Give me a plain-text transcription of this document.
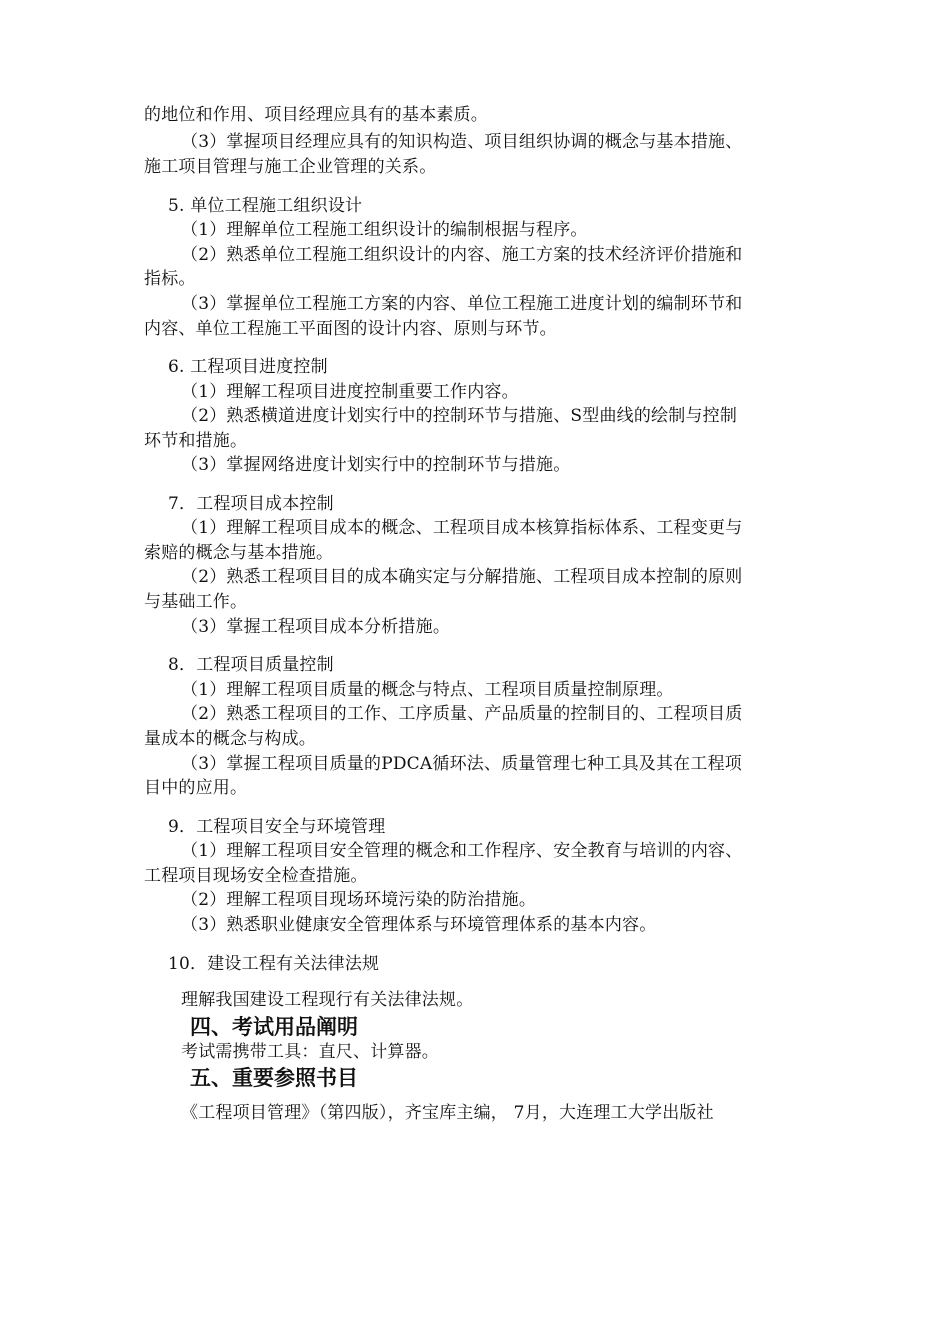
的地位和作用、项目经理应具有的基本素质。
（3）掌握项目经理应具有的知识构造、项目组织协调的概念与基本措施、
施工项目管理与施工企业管理的关系。
5. 单位工程施工组织设计
（1）理解单位工程施工组织设计的编制根据与程序。
（2）熟悉单位工程施工组织设计的内容、施工方案的技术经济评价措施和
指标。
（3）掌握单位工程施工方案的内容、单位工程施工进度计划的编制环节和
内容、单位工程施工平面图的设计内容、原则与环节。
6. 工程项目进度控制
（1）理解工程项目进度控制重要工作内容。
（2）熟悉横道进度计划实行中的控制环节与措施、S型曲线的绘制与控制
环节和措施。
（3）掌握网络进度计划实行中的控制环节与措施。
7．工程项目成本控制
（1）理解工程项目成本的概念、工程项目成本核算指标体系、工程变更与
索赔的概念与基本措施。
（2）熟悉工程项目目的成本确实定与分解措施、工程项目成本控制的原则
与基础工作。
（3）掌握工程项目成本分析措施。
8．工程项目质量控制
（1）理解工程项目质量的概念与特点、工程项目质量控制原理。
（2）熟悉工程项目的工作、工序质量、产品质量的控制目的、工程项目质
量成本的概念与构成。
（3）掌握工程项目质量的PDCA循环法、质量管理七种工具及其在工程项
目中的应用。
9．工程项目安全与环境管理
（1）理解工程项目安全管理的概念和工作程序、安全教育与培训的内容、
工程项目现场安全检查措施。
（2）理解工程项目现场环境污染的防治措施。
（3）熟悉职业健康安全管理体系与环境管理体系的基本内容。
10．建设工程有关法律法规
理解我国建设工程现行有关法律法规。
四、考试用品阐明
考试需携带工具：直尺、计算器。
五、重要参照书目
《工程项目管理》（第四版），齐宝库主编， 7月，大连理工大学出版社
